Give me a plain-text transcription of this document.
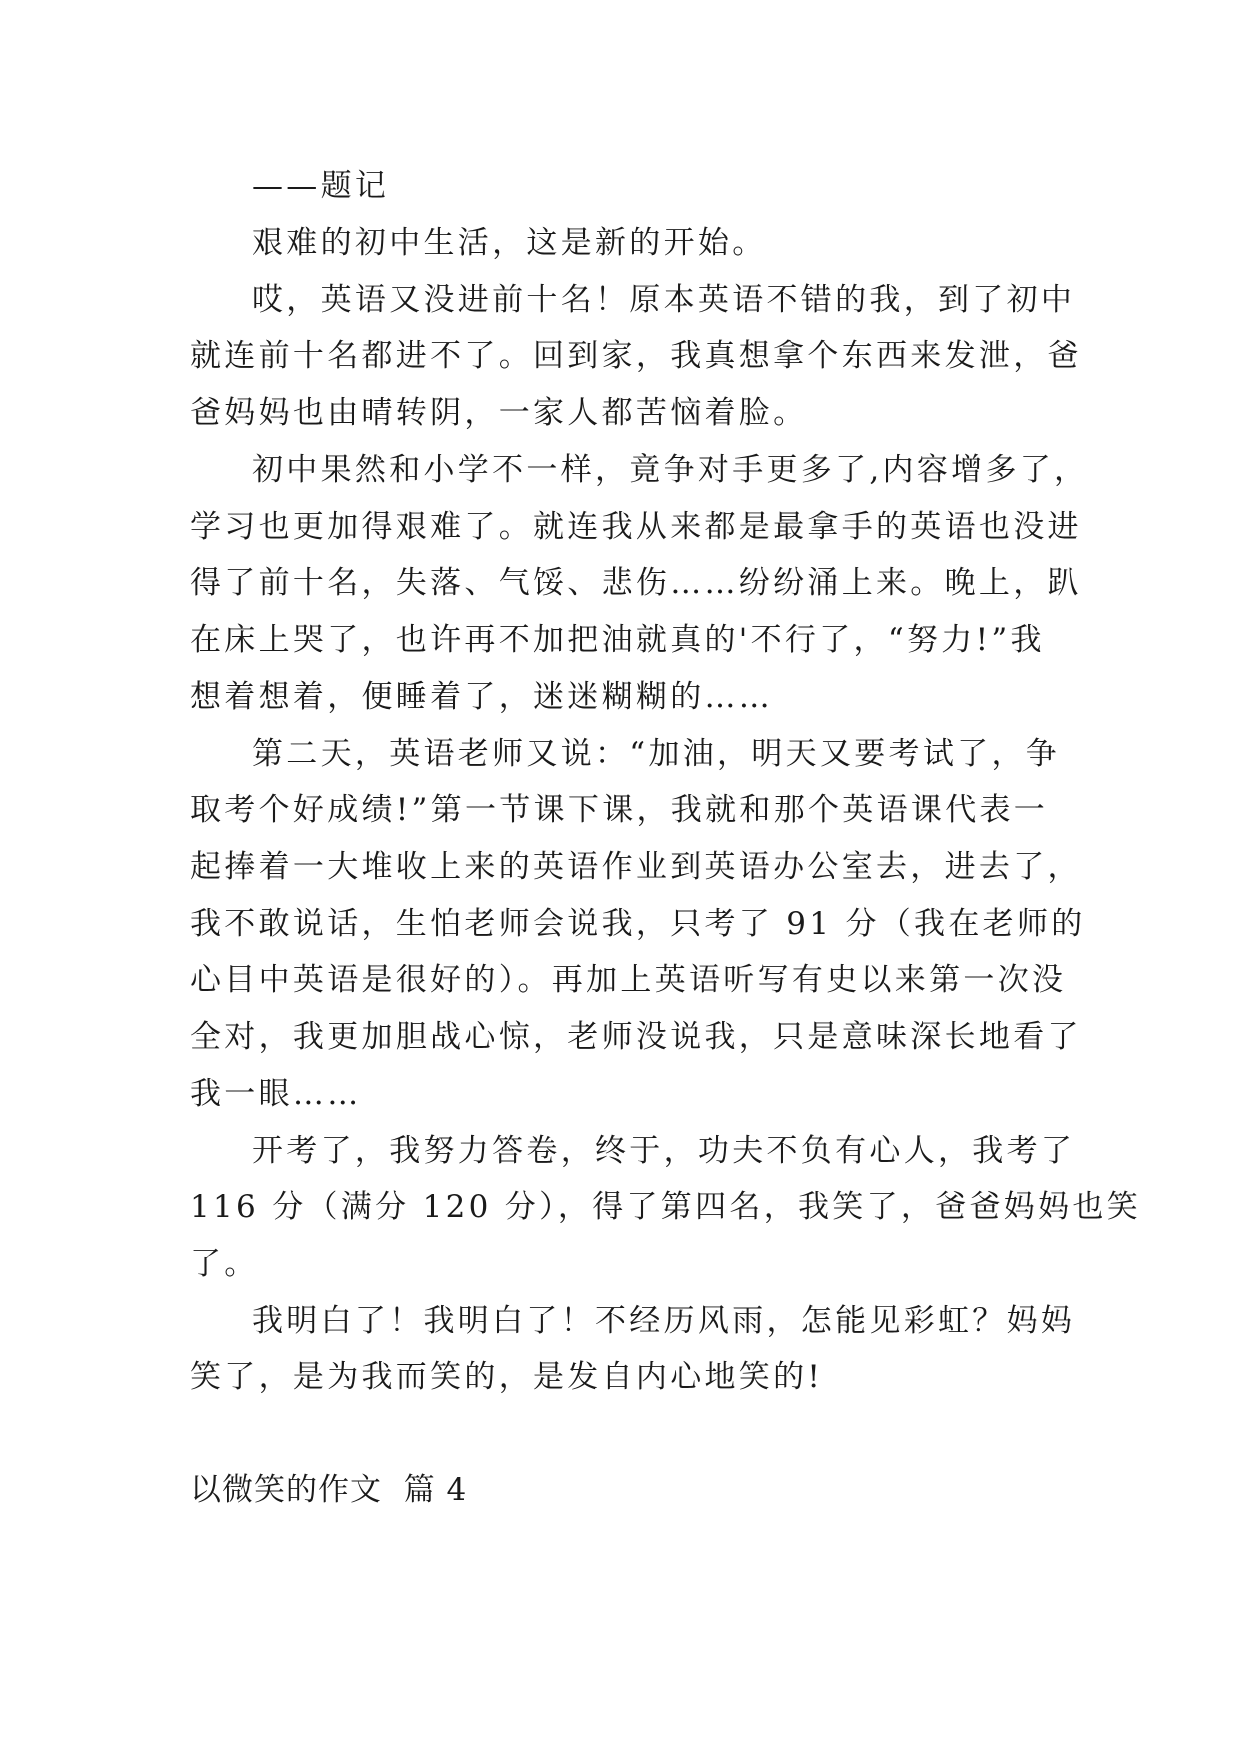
——题记
艰难的初中生活，这是新的开始。
哎，英语又没进前十名！原本英语不错的我，到了初中
就连前十名都进不了。回到家，我真想拿个东西来发泄，爸
爸妈妈也由晴转阴，一家人都苦恼着脸。
初中果然和小学不一样，竟争对手更多了,内容增多了，
学习也更加得艰难了。就连我从来都是最拿手的英语也没进
得了前十名，失落、气馁、悲伤……纷纷涌上来。晚上，趴
在床上哭了，也许再不加把油就真的'不行了，“努力!”我
想着想着，便睡着了，迷迷糊糊的……
第二天，英语老师又说：“加油，明天又要考试了，争
取考个好成绩!”第一节课下课，我就和那个英语课代表一
起捧着一大堆收上来的英语作业到英语办公室去，进去了，
我不敢说话，生怕老师会说我，只考了 91 分（我在老师的
心目中英语是很好的）。再加上英语听写有史以来第一次没
全对，我更加胆战心惊，老师没说我，只是意味深长地看了
我一眼……
开考了，我努力答卷，终于，功夫不负有心人，我考了
116 分（满分 120 分），得了第四名，我笑了，爸爸妈妈也笑
了。
我明白了！我明白了！不经历风雨，怎能见彩虹？妈妈
笑了，是为我而笑的，是发自内心地笑的!
以微笑的作文  篇 4
